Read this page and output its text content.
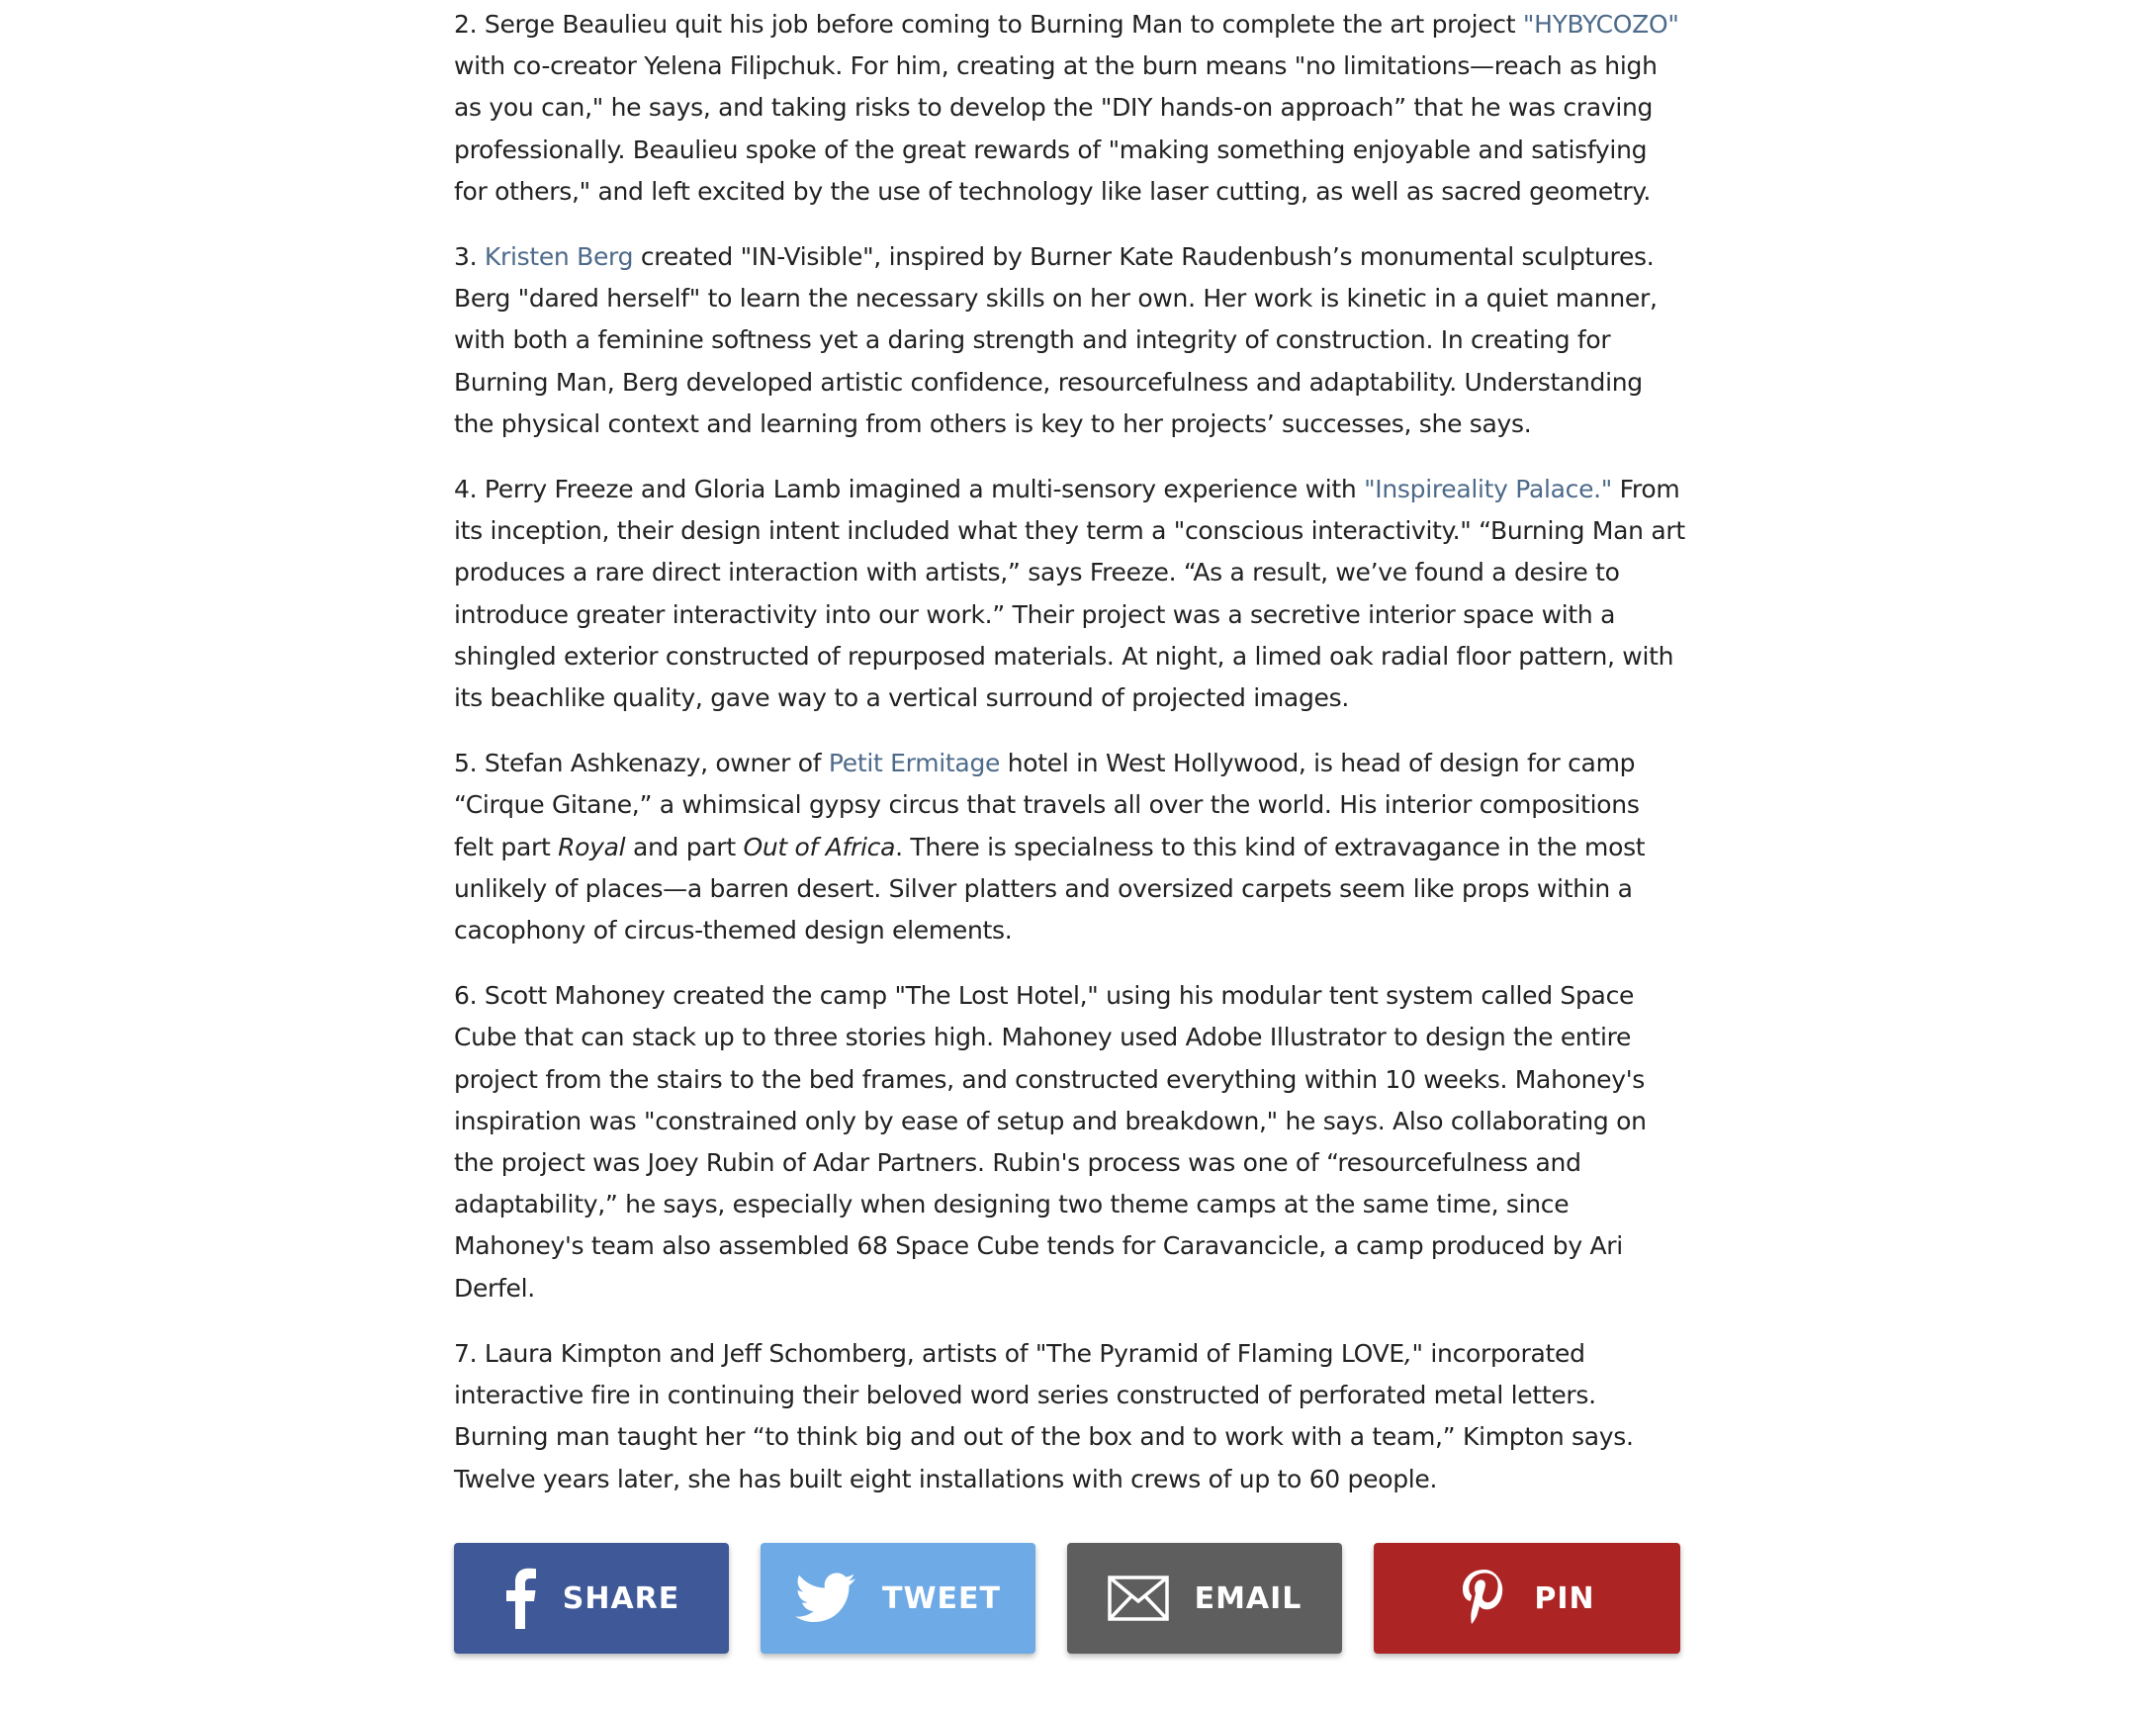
2. Serge Beaulieu quit his job before coming to Burning Man to complete the art project "HYBYCOZO" with co-creator Yelena Filipchuk. For him, creating at the burn means "no limitations—reach as high as you can," he says, and taking risks to develop the "DIY hands-on approach” that he was craving professionally. Beaulieu spoke of the great rewards of "making something enjoyable and satisfying for others," and left excited by the use of technology like laser cutting, as well as sacred geometry.

3. Kristen Berg created "IN-Visible", inspired by Burner Kate Raudenbush’s monumental sculptures. Berg "dared herself" to learn the necessary skills on her own. Her work is kinetic in a quiet manner, with both a feminine softness yet a daring strength and integrity of construction. In creating for Burning Man, Berg developed artistic confidence, resourcefulness and adaptability. Understanding the physical context and learning from others is key to her projects’ successes, she says.

4. Perry Freeze and Gloria Lamb imagined a multi-sensory experience with "Inspireality Palace." From its inception, their design intent included what they term a "conscious interactivity." “Burning Man art produces a rare direct interaction with artists,” says Freeze. “As a result, we’ve found a desire to introduce greater interactivity into our work.” Their project was a secretive interior space with a shingled exterior constructed of repurposed materials. At night, a limed oak radial floor pattern, with its beachlike quality, gave way to a vertical surround of projected images.

5. Stefan Ashkenazy, owner of Petit Ermitage hotel in West Hollywood, is head of design for camp “Cirque Gitane,” a whimsical gypsy circus that travels all over the world. His interior compositions felt part Royal and part Out of Africa. There is specialness to this kind of extravagance in the most unlikely of places—a barren desert. Silver platters and oversized carpets seem like props within a cacophony of circus-themed design elements.

6. Scott Mahoney created the camp "The Lost Hotel," using his modular tent system called Space Cube that can stack up to three stories high. Mahoney used Adobe Illustrator to design the entire project from the stairs to the bed frames, and constructed everything within 10 weeks. Mahoney's inspiration was "constrained only by ease of setup and breakdown," he says. Also collaborating on the project was Joey Rubin of Adar Partners. Rubin's process was one of “resourcefulness and adaptability,” he says, especially when designing two theme camps at the same time, since Mahoney's team also assembled 68 Space Cube tends for Caravancicle, a camp produced by Ari Derfel.

7. Laura Kimpton and Jeff Schomberg, artists of "The Pyramid of Flaming LOVE," incorporated interactive fire in continuing their beloved word series constructed of perforated metal letters. Burning man taught her “to think big and out of the box and to work with a team,” Kimpton says. Twelve years later, she has built eight installations with crews of up to 60 people.

SHARE	TWEET	EMAIL	PIN
